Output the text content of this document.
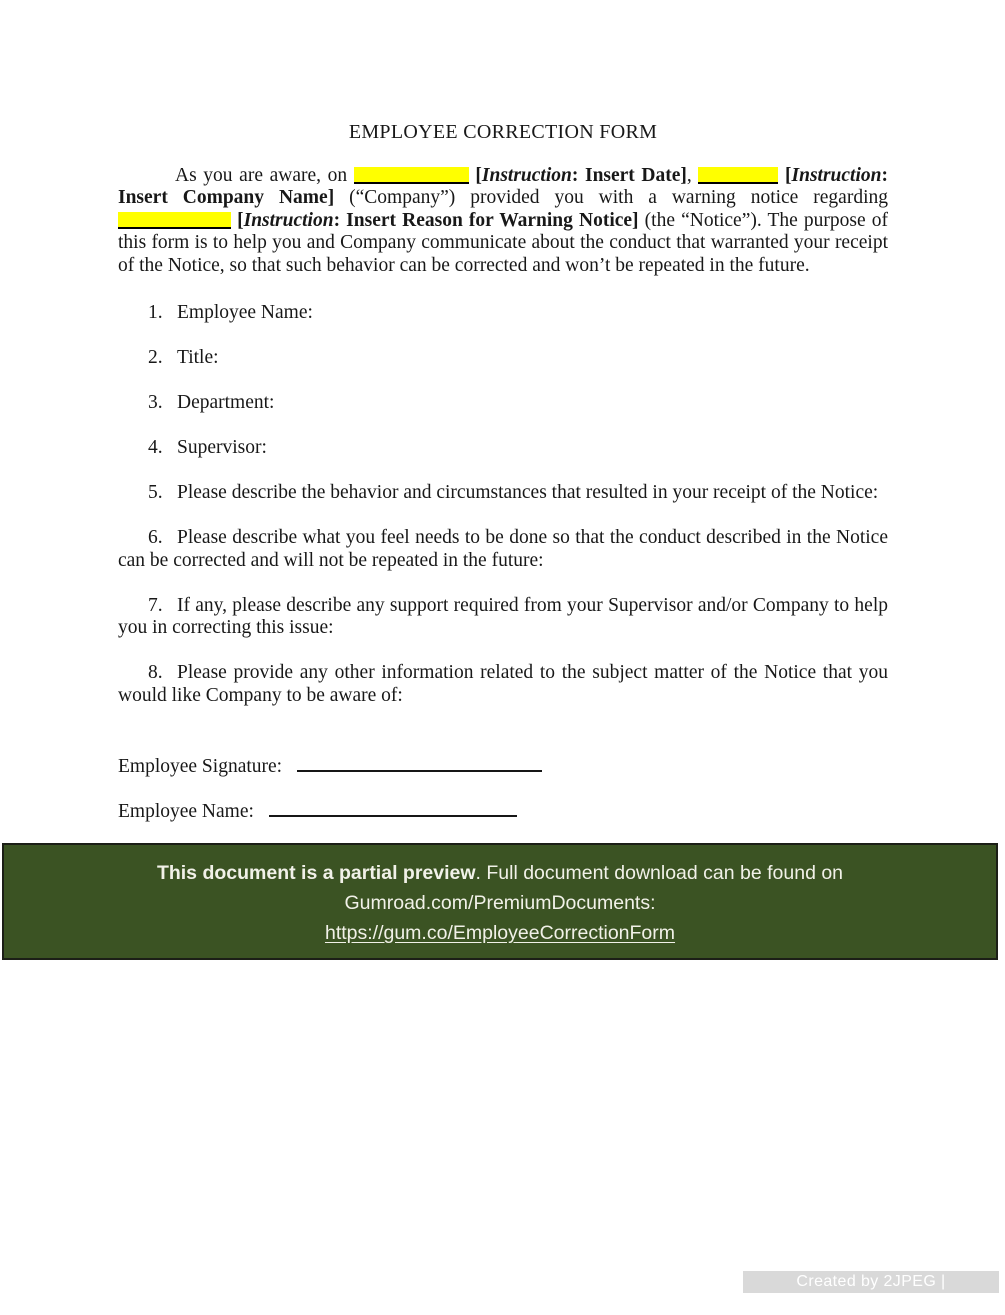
EMPLOYEE CORRECTION FORM

As you are aware, on	[Instruction: Insert Date],	[Instruction: Insert Company Name] (“Company”) provided you with a warning notice regarding  [Instruction: Insert Reason for Warning Notice] (the “Notice”). The purpose of this form is to help you and Company communicate about the conduct that warranted your receipt of the Notice, so that such behavior can be corrected and won’t be repeated in the future.

1. Employee Name:

2. Title:

3. Department:

4. Supervisor:

5. Please describe the behavior and circumstances that resulted in your receipt of the Notice:

6. Please describe what you feel needs to be done so that the conduct described in the Notice can be corrected and will not be repeated in the future:

7. If any, please describe any support required from your Supervisor and/or Company to help you in correcting this issue:

8. Please provide any other information related to the subject matter of the Notice that you would like Company to be aware of:

Employee Signature:

Employee Name:

This document is a partial preview. Full document download can be found on
Gumroad.com/PremiumDocuments:
https://gum.co/EmployeeCorrectionForm
Created by 2JPEG | www.2jpeg.com
